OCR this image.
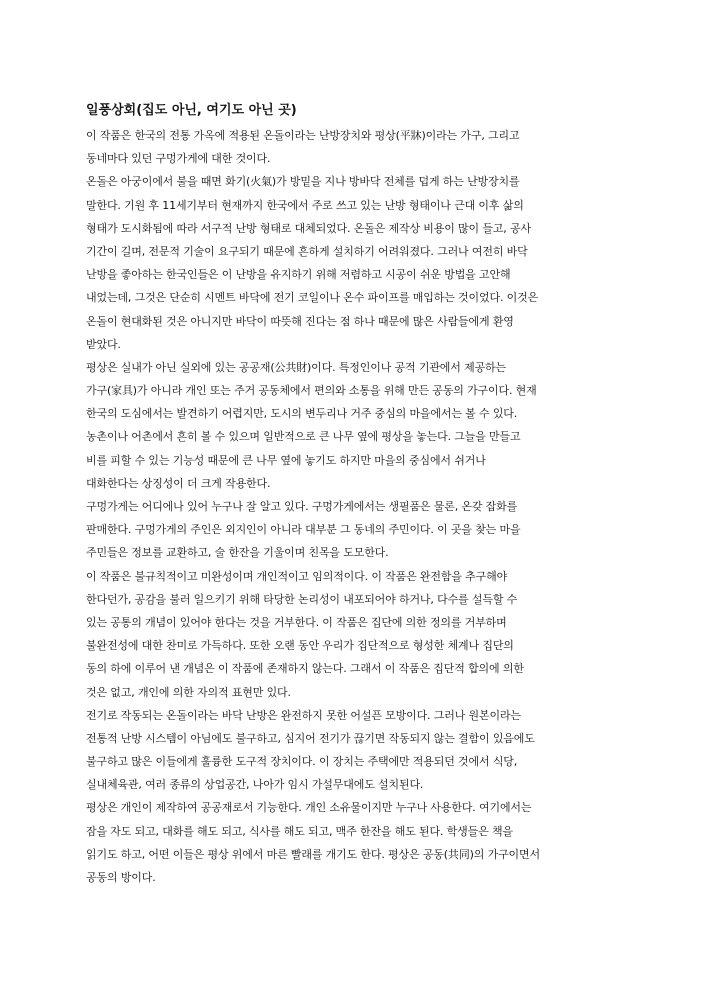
일풍상회(집도 아닌, 여기도 아닌 곳)
이 작품은 한국의 전통 가옥에 적용된 온돌이라는 난방장치와 평상(平牀)이라는 가구, 그리고
동네마다 있던 구멍가게에 대한 것이다.
온돌은 아궁이에서 불을 때면 화기(火氣)가 방밑을 지나 방바닥 전체를 덥게 하는 난방장치를
말한다. 기원 후 11세기부터 현재까지 한국에서 주로 쓰고 있는 난방 형태이나 근대 이후 삶의
형태가 도시화됨에 따라 서구적 난방 형태로 대체되었다. 온돌은 제작상 비용이 많이 들고, 공사
기간이 길며, 전문적 기술이 요구되기 때문에 흔하게 설치하기 어려워졌다. 그러나 여전히 바닥
난방을 좋아하는 한국인들은 이 난방을 유지하기 위해 저렴하고 시공이 쉬운 방법을 고안해
내었는데, 그것은 단순히 시멘트 바닥에 전기 코일이나 온수 파이프를 매입하는 것이었다. 이것은
온돌이 현대화된 것은 아니지만 바닥이 따뜻해 진다는 점 하나 때문에 많은 사람들에게 환영
받았다.
평상은 실내가 아닌 실외에 있는 공공재(公共財)이다. 특정인이나 공적 기관에서 제공하는
가구(家具)가 아니라 개인 또는 주거 공동체에서 편의와 소통을 위해 만든 공동의 가구이다. 현재
한국의 도심에서는 발견하기 어렵지만, 도시의 변두리나 거주 중심의 마을에서는 볼 수 있다.
농촌이나 어촌에서 흔히 볼 수 있으며 일반적으로 큰 나무 옆에 평상을 놓는다. 그늘을 만들고
비를 피할 수 있는 기능성 때문에 큰 나무 옆에 놓기도 하지만 마을의 중심에서 쉬거나
대화한다는 상징성이 더 크게 작용한다.
구멍가게는 어디에나 있어 누구나 잘 알고 있다. 구멍가게에서는 생필품은 물론, 온갖 잡화를
판매한다. 구멍가게의 주인은 외지인이 아니라 대부분 그 동네의 주민이다. 이 곳을 찾는 마을
주민들은 정보를 교환하고, 술 한잔을 기울이며 친목을 도모한다.
이 작품은 불규칙적이고 미완성이며 개인적이고 임의적이다. 이 작품은 완전함을 추구해야
한다던가, 공감을 불러 일으키기 위해 타당한 논리성이 내포되어야 하거나, 다수를 설득할 수
있는 공통의 개념이 있어야 한다는 것을 거부한다. 이 작품은 집단에 의한 정의를 거부하며
불완전성에 대한 찬미로 가득하다. 또한 오랜 동안 우리가 집단적으로 형성한 체계나 집단의
동의 하에 이루어 낸 개념은 이 작품에 존재하지 않는다. 그래서 이 작품은 집단적 합의에 의한
것은 없고, 개인에 의한 자의적 표현만 있다.
전기로 작동되는 온돌이라는 바닥 난방은 완전하지 못한 어설픈 모방이다. 그러나 원본이라는
전통적 난방 시스템이 아님에도 불구하고, 심지어 전기가 끊기면 작동되지 않는 결함이 있음에도
불구하고 많은 이들에게 훌륭한 도구적 장치이다. 이 장치는 주택에만 적용되던 것에서 식당,
실내체육관, 여러 종류의 상업공간, 나아가 임시 가설무대에도 설치된다.
평상은 개인이 제작하여 공공재로서 기능한다. 개인 소유물이지만 누구나 사용한다. 여기에서는
잠을 자도 되고, 대화를 해도 되고, 식사를 해도 되고, 맥주 한잔을 해도 된다. 학생들은 책을
읽기도 하고, 어떤 이들은 평상 위에서 마른 빨래를 개기도 한다. 평상은 공동(共同)의 가구이면서
공동의 방이다.
